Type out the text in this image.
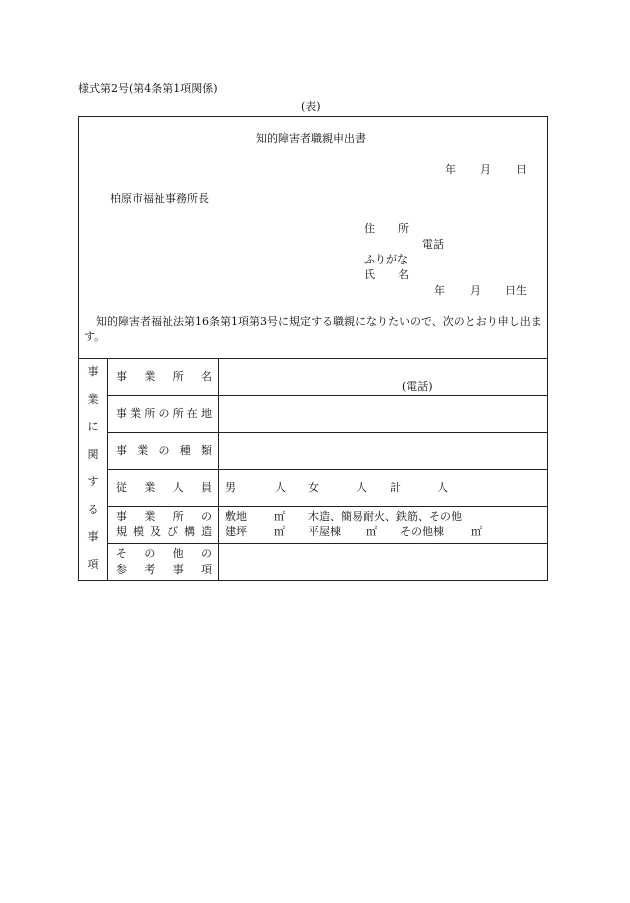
様式第2号(第4条第1項関係)
(表)
知的障害者職親申出書
年 月 日
柏原市福祉事務所長
住 所
電話
ふりがな
氏 名
年 月 日生
知的障害者福祉法第16条第1項第3号に規定する職親になりたいので、次のとおり申し出ます。
事
業
に
関
す
る
事
項
事 業 所 名
(電話)
事 業 所 の 所 在 地
事 業 の 種 類
従 業 人 員 男	人 女	人 計	人
事 業 所 の
規 模 及 び 構 造
敷地 ㎡ 木造、簡易耐火、鉄筋、その他
建坪 ㎡ 平屋棟 ㎡ その他棟 ㎡
そ の 他 の
参 考 事 項
